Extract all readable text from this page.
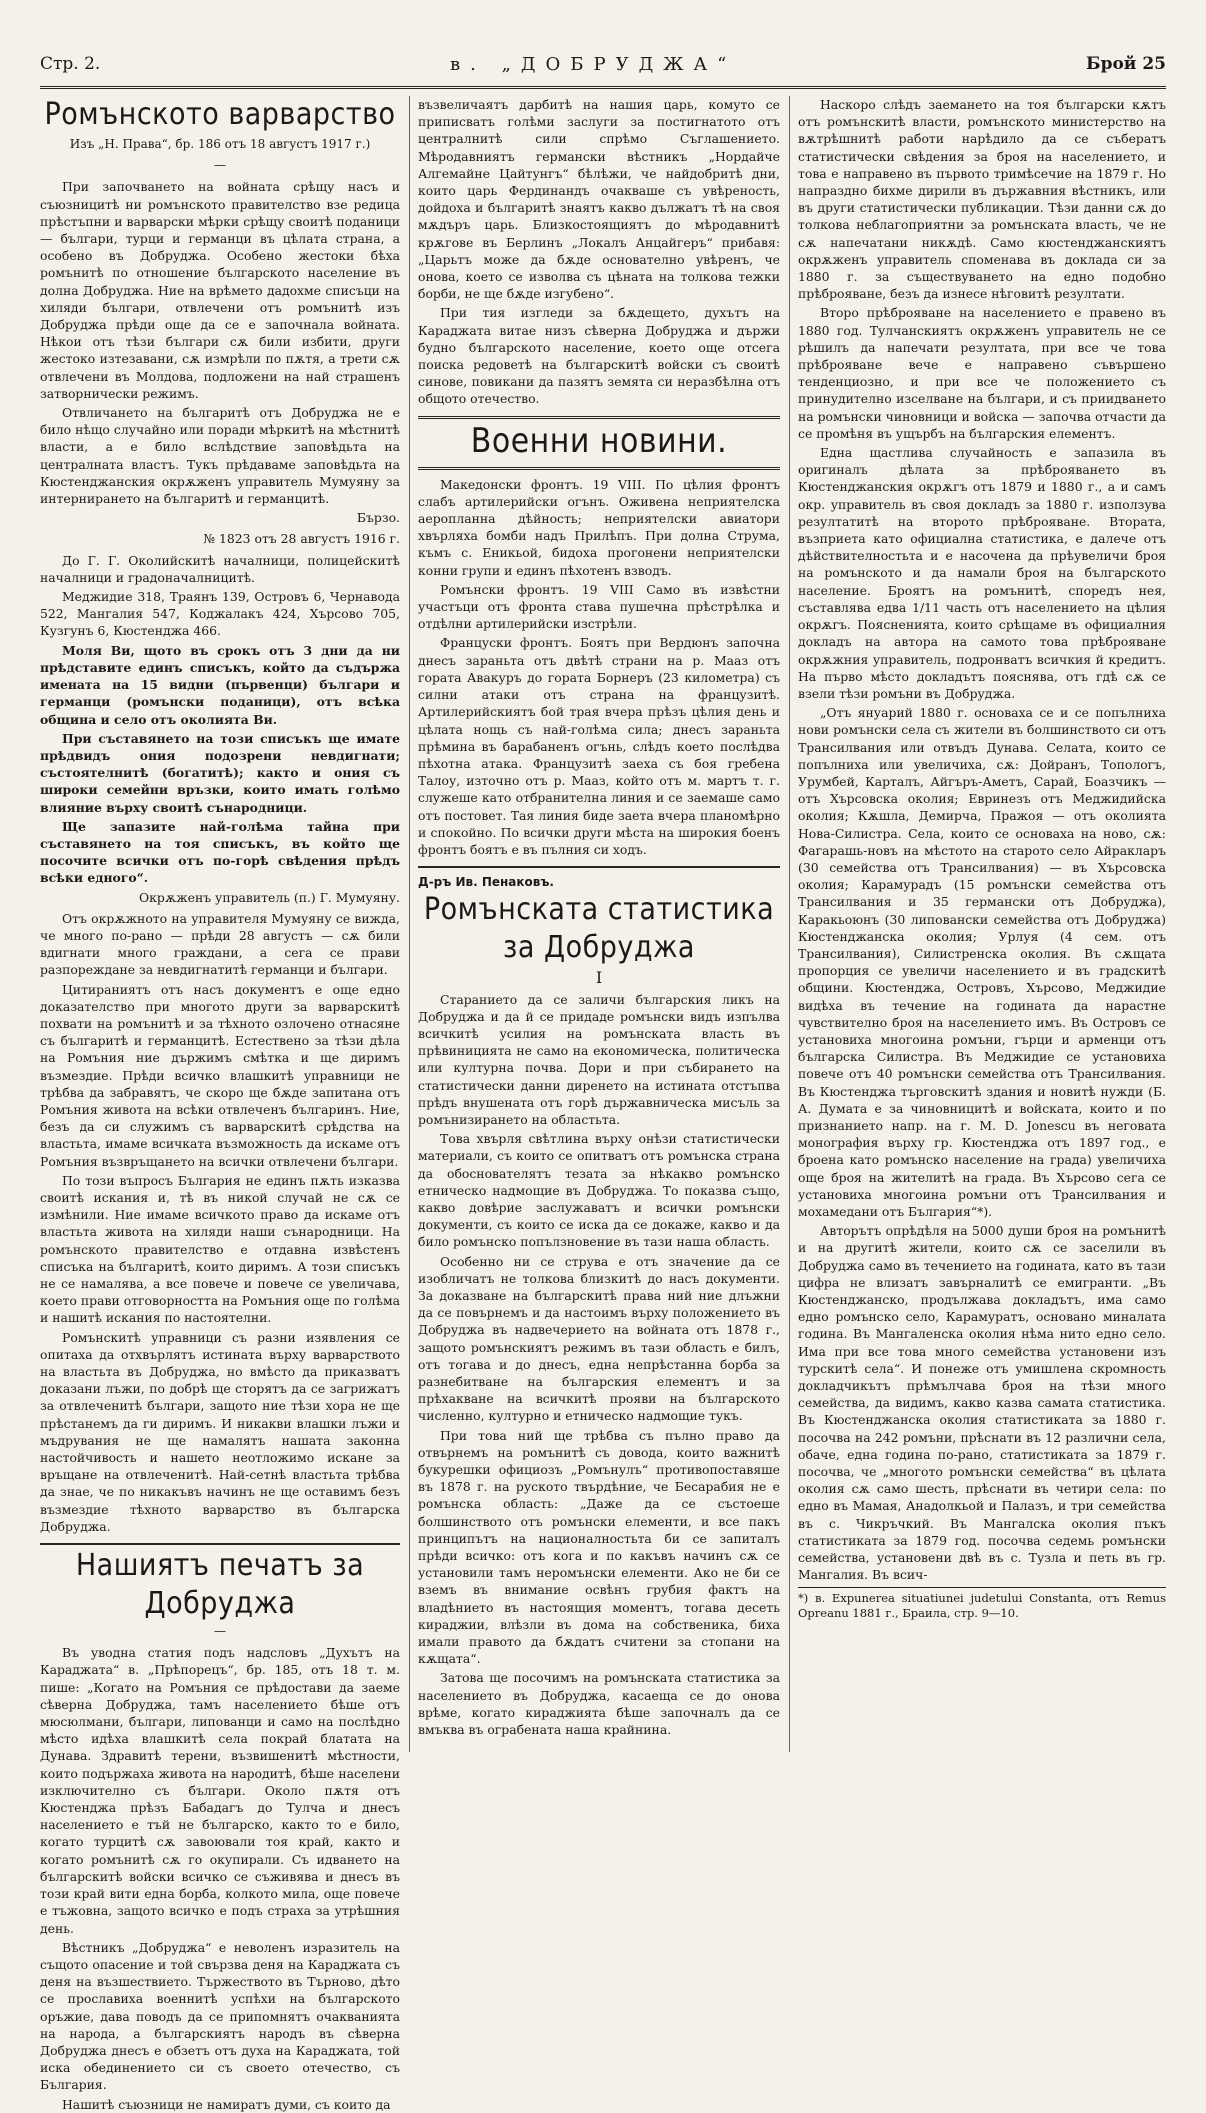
Стр. 2.	в. „ДОБРУДЖА“	Брой 25
Ромънското варварство
Изъ „Н. Права“, бр. 186 отъ 18 августъ 1917 г.)
—

При започването на войната срѣщу насъ и съюзницитѣ ни ромънското правителство взе редица прѣстъпни и варварски мѣрки срѣщу своитѣ поданици — българи, турци и германци въ цѣлата страна, а особено въ Добруджа. Особено жестоки бѣха ромънитѣ по отношение българското население въ долна Добруджа. Ние на врѣмето дадохме списъци на хиляди българи, отвлечени отъ ромънитѣ изъ Добруджа прѣди още да се е започнала войната. Нѣкои отъ тѣзи българи сѫ били избити, други жестоко изтезавани, сѫ измрѣли по пѫтя, а трети сѫ отвлечени въ Молдова, подложени на най страшенъ затворнически режимъ.

Отвличането на българитѣ отъ Добруджа не е било нѣщо случайно или поради мѣркитѣ на мѣстнитѣ власти, а е било вслѣдствие заповѣдьта на централната властъ. Тукъ прѣдаваме заповѣдьта на Кюстенджанския окрѫженъ управитель Мумуяну за интернирането на българитѣ и германцитѣ.

Бързо.
№ 1823 отъ 28 августъ 1916 г.

До Г. Г. Околийскитѣ началници, полицейскитѣ началници и градоначалницитѣ.

Меджидие 318, Траянъ 139, Островъ 6, Чернавода 522, Мангалия 547, Коджалакъ 424, Хърсово 705, Кузгунъ 6, Кюстенджа 466.

Моля Ви, щото въ срокъ отъ 3 дни да ни прѣдставите единъ списъкъ, който да съдържа имената на 15 видни (първенци) българи и германци (ромънски поданици), отъ всѣка община и село отъ околията Ви.

При съставянето на този списъкъ ще имате прѣдвидъ ония подозрени невдигнати; състоятелнитѣ (богатитѣ); както и ония съ широки семейни връзки, които имать голѣмо влияние върху своитѣ сънародници.

Ще запазите най-голѣма тайна при съставянето на тоя списъкъ, въ който ще посочите всички отъ по-горѣ свѣдения прѣдъ всѣки едного“.

Окрѫженъ управитель (п.) Г. Мумуяну.

Отъ окрѫжното на управителя Мумуяну се вижда, че много по-рано — прѣди 28 августъ — сѫ били вдигнати много граждани, а сега се прави разпореждане за невдигнатитѣ германци и българи.

Цитираниятъ отъ насъ документъ е още едно доказателство при многото други за варварскитѣ похвати на ромънитѣ и за тѣхното озлочено отнасяне съ българитѣ и германцитѣ. Естествено за тѣзи дѣла на Ромъния ние държимъ смѣтка и ще диримъ възмездие. Прѣди всичко влашкитѣ управници не трѣбва да забравятъ, че скоро ще бѫде запитана отъ Ромъния живота на всѣки отвлеченъ българинъ. Ние, безъ да си служимъ съ варварскитѣ срѣдства на властьта, имаме всичката възможность да искаме отъ Ромъния възвръщането на всички отвлечени българи.

По този въпросъ България не единъ пѫть изказва своитѣ искания и, тѣ въ никой случай не сѫ се измѣнили. Ние имаме всичкото право да искаме отъ властьта живота на хиляди наши сънародници. На ромънското правителство е отдавна извѣстенъ списъка на българитѣ, които диримъ. А този списъкъ не се намалява, а все повече и повече се увеличава, което прави отговорността на Ромъния още по голѣма и нашитѣ искания по настоятелни.

Ромънскитѣ управници съ разни изявления се опитаха да отхвърлятъ истината върху варварството на властьта въ Добруджа, но вмѣсто да приказватъ доказани лъжи, по добрѣ ще сторятъ да се загрижатъ за отвлеченитѣ българи, защото ние тѣзи хора не ще прѣстанемъ да ги диримъ. И никакви влашки лъжи и мъдрувания не ще намалятъ нашата законна настойчивость и нашето неотложимо искане за връщане на отвлеченитѣ. Най-сетнѣ властьта трѣбва да знае, че по никакъвъ начинъ не ще оставимъ безъ възмездие тѣхното варварство въ българска Добруджа.

Нашиятъ печатъ за Добруджа
—

Въ уводна статия подъ надсловъ „Духътъ на Караджата“ в. „Прѣпорецъ“, бр. 185, отъ 18 т. м. пише: „Когато на Ромъния се прѣдостави да заеме сѣверна Добруджа, тамъ населението бѣше отъ мюсюлмани, българи, липованци и само на послѣдно мѣсто идѣха влашкитѣ села покрай блатата на Дунава. Здравитѣ терени, възвишенитѣ мѣстности, които подържаха живота на народитѣ, бѣше населени изключително съ българи. Около пѫтя отъ Кюстенджа прѣзъ Бабадагъ до Тулча и днесъ населението е тъй не българско, както то е било, когато турцитѣ сѫ завоювали тоя край, както и когато ромънитѣ сѫ го окупирали. Съ идването на българскитѣ войски всичко се съживява и днесъ въ този край вити една борба, колкото мила, още повече е тъжовна, защото всичко е подъ страха за утрѣшния день.

Вѣстникъ „Добруджа“ е неволенъ изразитель на същото опасение и той свързва деня на Караджата съ деня на възшествието. Тържеството въ Търново, дѣто се прославиха военнитѣ успѣхи на българското оръжие, дава поводъ да се припомнятъ очакванията на народа, а българскиятъ народъ въ сѣверна Добруджа днесъ е обзетъ отъ духа на Караджата, той иска обединението си съ своето отечество, съ България.

Нашитѣ съюзници не намиратъ думи, съ които да

възвеличаятъ дарбитѣ на нашия царь, комуто се приписватъ голѣми заслуги за постигнатото отъ централнитѣ сили спрѣмо Съглашението. Мѣродавниятъ германски вѣстникъ „Нордайче Алгемайне Цайтунгъ“ бѣлѣжи, че найдобритѣ дни, които царь Фердинандъ очакваше съ увѣреность, дойдоха и българитѣ знаятъ какво дължатъ тѣ на своя мѫдъръ царь. Близкостоящиятъ до мѣродавнитѣ крѫгове въ Берлинъ „Локалъ Анцайгеръ“ прибавя: „Царьтъ може да бѫде основателно увѣренъ, че онова, което се изволва съ цѣната на толкова тежки борби, не ще бѫде изгубено“.

При тия изгледи за бѫдещето, духътъ на Караджата витае низъ сѣверна Добруджа и държи будно българското население, което още отсега поиска редоветѣ на българскитѣ войски съ своитѣ синове, повикани да пазятъ земята си неразбѣлна отъ общото отечество.

Военни новини.

Македонски фронтъ. 19 VIII. По цѣлия фронтъ слабъ артилерийски огънъ. Оживена неприятелска аеропланна дѣйность; неприятелски авиатори хвърляха бомби надъ Прилѣпъ. При долна Струма, къмъ с. Еникьой, бидоха прогонени неприятелски конни групи и единъ пѣхотенъ взводъ.

Ромънски фронтъ. 19 VIII Само въ извѣстни участъци отъ фронта става пушечна прѣстрѣлка и отдѣлни артилерийски изстрѣли.

Француски фронтъ. Боятъ при Вердюнъ започна днесъ зараньта отъ двѣтѣ страни на р. Мааз отъ гората Авакуръ до гората Борнеръ (23 километра) съ силни атаки отъ страна на французитѣ. Артилерийскиятъ бой трая вчера прѣзъ цѣлия день и цѣлата нощь съ най-голѣма сила; днесъ зараньта прѣмина въ барабаненъ огънь, слѣдъ което послѣдва пѣхотна атака. Французитѣ заеха съ боя гребена Талоу, източно отъ р. Мааз, който отъ м. мартъ т. г. служеше като отбранителна линия и се заемаше само отъ постовет. Тая линия биде заета вчера планомѣрно и спокойно. По всички други мѣста на широкия боенъ фронтъ боятъ е въ пълния си ходъ.

Д-ръ Ив. Пенаковъ.

Ромънската статистика за Добруджа
I

Старанието да се заличи българския ликъ на Добруджа и да й се придаде ромънски видъ изпълва всичкитѣ усилия на ромънската власть въ прѣвиницията не само на економическа, политическа или културна почва. Дори и при събирането на статистически данни диренето на истината отстъпва прѣдъ внушената отъ горѣ държавническа мисъль за ромънизирането на областьта.

Това хвърля свѣтлина върху онѣзи статистически материали, съ които се опитватъ отъ ромънска страна да обоснователятъ тезата за нѣкакво ромънско етническо надмощие въ Добруджа. То показва също, какво довѣрие заслужаватъ и всички ромънски документи, съ които се иска да се докаже, какво и да било ромънско попълзновение въ тази наша область.

Особенно ни се струва е отъ значение да се изобличатъ не толкова близкитѣ до насъ документи. За доказване на българскитѣ права ний ние длъжни да се повърнемъ и да настоимъ върху положението въ Добруджа въ надвечерието на войната отъ 1878 г., защото ромънскиятъ режимъ въ тази область е билъ, отъ тогава и до днесъ, една непрѣстанна борба за разнебитване на българския елементъ и за прѣхакване на всичкитѣ прояви на българското численно, културно и етническо надмощие тукъ.

При това ний ще трѣбва съ пълно право да отвърнемъ на ромънитѣ съ довода, които важнитѣ букурешки официозъ „Ромънулъ“ противопоставяше въ 1878 г. на руското твърдѣние, че Бесарабия не е ромънска область: „Даже да се състоеше болшинството отъ ромънски елементи, и все пакъ принципътъ на националностьта би се запиталъ прѣди всичко: отъ кога и по какъвъ начинъ сѫ се установили тамъ неромънски елементи. Ако не би се вземъ въ внимание освѣнъ грубия фактъ на владѣнието въ настоящия моментъ, тогава десеть кираджии, влѣзли въ дома на собственика, биха имали правото да бѫдатъ считени за стопани на кѫщата“.

Затова ще посочимъ на ромънската статистика за населението въ Добруджа, касаеща се до онова врѣме, когато кираджията бѣше започналъ да се вмъква въ ограбената наша крайнина.

Наскоро слѣдъ заемането на тоя български кѫтъ отъ ромънскитѣ власти, ромънското министерство на вѫтрѣшнитѣ работи нарѣдило да се събератъ статистически свѣдения за броя на населението, и това е направено въ първото тримѣсечие на 1879 г. Но напраздно бихме дирили въ държавния вѣстникъ, или въ други статистически публикации. Тѣзи данни сѫ до толкова неблагоприятни за ромънската власть, че не сѫ напечатани никѫдѣ. Само кюстенджанскиятъ окрѫженъ управитель споменава въ доклада си за 1880 г. за съществуването на едно подобно прѣброяване, безъ да изнесе нѣговитѣ резултати.

Второ прѣброяване на населението е правено въ 1880 год. Тулчанскиятъ окрѫженъ управитель не се рѣшилъ да напечати резултата, при все че това прѣброяване вече е направено съвършено тенденциозно, и при все че положението съ принудително изселване на българи, и съ приидването на ромънски чиновници и войска — започва отчасти да се промѣня въ ущърбъ на българския елементъ.

Една щастлива случайность е запазила въ оригиналъ дѣлата за прѣброяването въ Кюстенджанския окрѫгъ отъ 1879 и 1880 г., а и самъ окр. управитель въ своя докладъ за 1880 г. използува резултатитѣ на второто прѣброяване. Втората, възприета като официална статистика, е далече отъ дѣйствителностьта и е насочена да прѣувеличи броя на ромънското и да намали броя на българското население. Броятъ на ромънитѣ, споредъ нея, съставлява едва 1/11 часть отъ населението на цѣлия окрѫгъ. Поясненията, които срѣщаме въ официалния докладъ на автора на самото това прѣброяване окрѫжния управитель, подронватъ всичкия й кредитъ. На първо мѣсто докладътъ пояснява, отъ гдѣ сѫ се взели тѣзи ромъни въ Добруджа.

„Отъ януарий 1880 г. основаха се и се попълниха нови ромънски села съ жители въ болшинството си отъ Трансилвания или отвъдъ Дунава. Селата, които се попълниха или увеличиха, сѫ: Дойранъ, Топологъ, Урумбей, Карталъ, Айгъръ-Аметъ, Сарай, Боазчикъ — отъ Хърсовска околия; Евринезъ отъ Меджидийска околия; Кѫшла, Демирча, Пражоя — отъ околията Нова-Силистра. Села, които се основаха на ново, сѫ: Фагарашь-новъ на мѣстото на старото село Айракларъ (30 семейства отъ Трансилвания) — въ Хърсовска околия; Карамурадъ (15 ромънски семейства отъ Трансилвания и 35 германски отъ Добруджа), Каракьоюнъ (30 липовански семейства отъ Добруджа) Кюстенджанска околия; Урлуя (4 сем. отъ Трансилвания), Силистренска околия. Въ сѫщата пропорция се увеличи населението и въ градскитѣ общини. Кюстенджа, Островъ, Хърсово, Меджидие видѣха въ течение на годината да нарастне чувствително броя на населението имъ. Въ Островъ се установиха многоина ромъни, гърци и арменци отъ българска Силистра. Въ Меджидие се установиха повече отъ 40 ромънски семейства отъ Трансилвания. Въ Кюстенджа търговскитѣ здания и новитѣ нужди (Б. А. Думата е за чиновницитѣ и войската, които и по признанието напр. на г. M. D. Jonescu въ неговата монография върху гр. Кюстенджа отъ 1897 год., е броена като ромънско население на града) увеличиха още броя на жителитѣ на града. Въ Хърсово сега се установиха многоина ромъни отъ Трансилвания и мохамедани отъ България“*).

Авторътъ опрѣдѣля на 5000 души броя на ромънитѣ и на другитѣ жители, които сѫ се заселили въ Добруджа само въ течението на годината, като въ тази цифра не влизатъ завърналитѣ се емигранти. „Въ Кюстенджанско, продължава докладътъ, има само едно ромънско село, Карамуратъ, основано миналата година. Въ Мангаленска околия нѣма нито едно село. Има при все това много семейства установени изъ турскитѣ села“. И понеже отъ умишлена скромность докладчикътъ прѣмълчава броя на тѣзи много семейства, да видимъ, какво казва самата статистика. Въ Кюстенджанска околия статистиката за 1880 г. посочва на 242 ромъни, прѣснати въ 12 различни села, обаче, една година по-рано, статистиката за 1879 г. посочва, че „многото ромънски семейства“ въ цѣлата околия сѫ само шесть, прѣснати въ четири села: по едно въ Мамая, Анадолкьой и Палазъ, и три семейства въ с. Чикръчкий. Въ Мангалска околия пъкъ статистиката за 1879 год. посочва седемь ромънски семейства, установени двѣ въ с. Тузла и петь въ гр. Мангалия. Въ всич-

*) в. Expunerea situatiunei judetului Constanta, отъ Remus Opreanu 1881 г., Браила, стр. 9—10.
